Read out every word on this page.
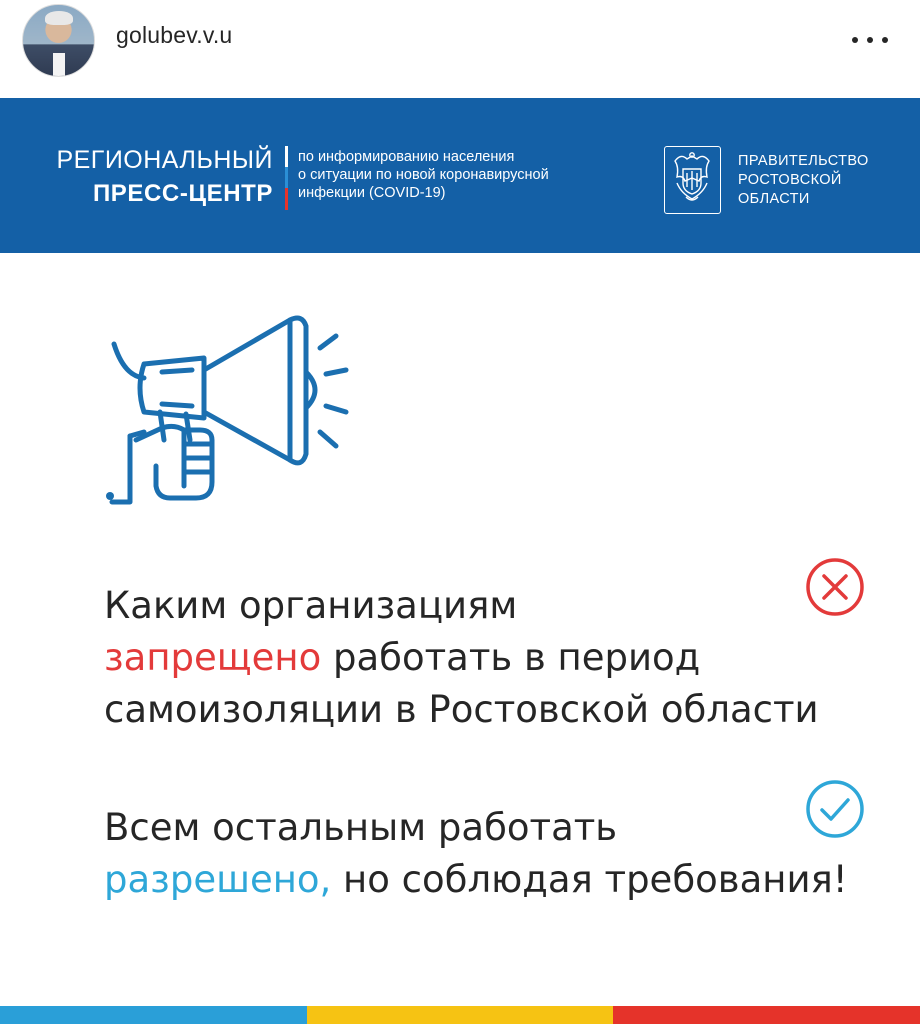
golubev.v.u
РЕГИОНАЛЬНЫЙ
ПРЕСС-ЦЕНТР
по информированию населения
о ситуации по новой коронавирусной
инфекции (COVID-19)
ПРАВИТЕЛЬСТВО
РОСТОВСКОЙ
ОБЛАСТИ
Каким организациям
запрещено работать в период
самоизоляции в Ростовской области
Всем остальным работать
разрешено, но соблюдая требования!
